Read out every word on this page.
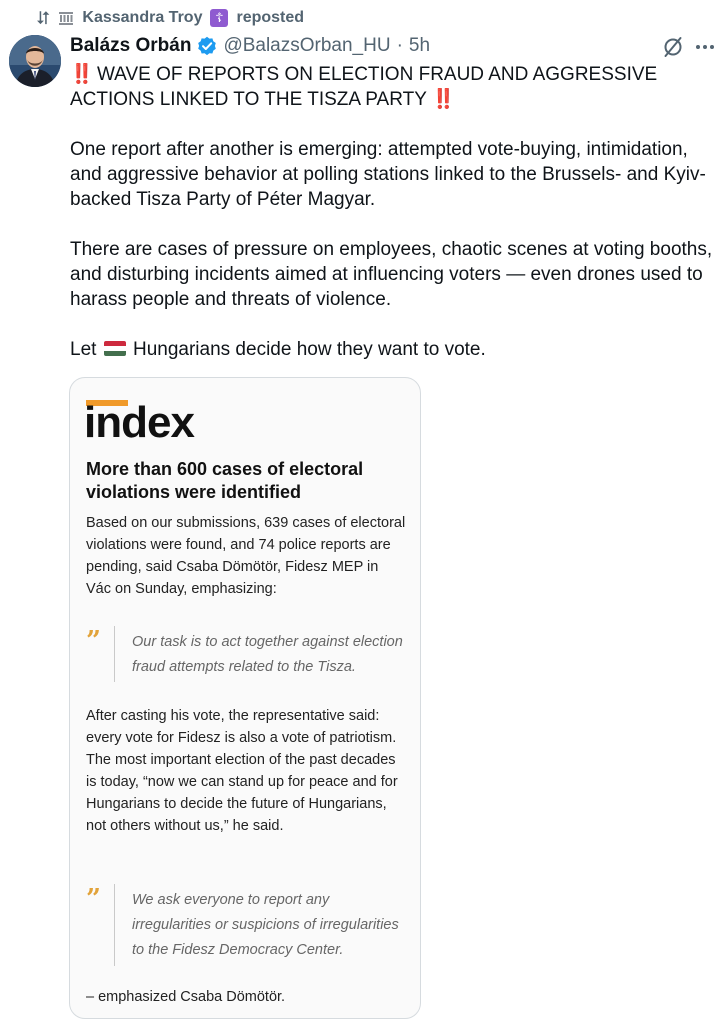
⮃ Kassandra Troy ☦ reposted
Balázs Orbán @BalazsOrban_HU · 5h

‼️ WAVE OF REPORTS ON ELECTION FRAUD AND AGGRESSIVE ACTIONS LINKED TO THE TISZA PARTY ‼️

One report after another is emerging: attempted vote-buying, intimidation, and aggressive behavior at polling stations linked to the Brussels- and Kyiv-backed Tisza Party of Péter Magyar.

There are cases of pressure on employees, chaotic scenes at voting booths, and disturbing incidents aimed at influencing voters — even drones used to harass people and threats of violence.

Let Hungarians decide how they want to vote.

index
More than 600 cases of electoral violations were identified
Based on our submissions, 639 cases of electoral violations were found, and 74 police reports are pending, said Csaba Dömötör, Fidesz MEP in Vác on Sunday, emphasizing:
” Our task is to act together against election fraud attempts related to the Tisza.
After casting his vote, the representative said: every vote for Fidesz is also a vote of patriotism. The most important election of the past decades is today, “now we can stand up for peace and for Hungarians to decide the future of Hungarians, not others without us,” he said.
” We ask everyone to report any irregularities or suspicions of irregularities to the Fidesz Democracy Center.
– emphasized Csaba Dömötör.
